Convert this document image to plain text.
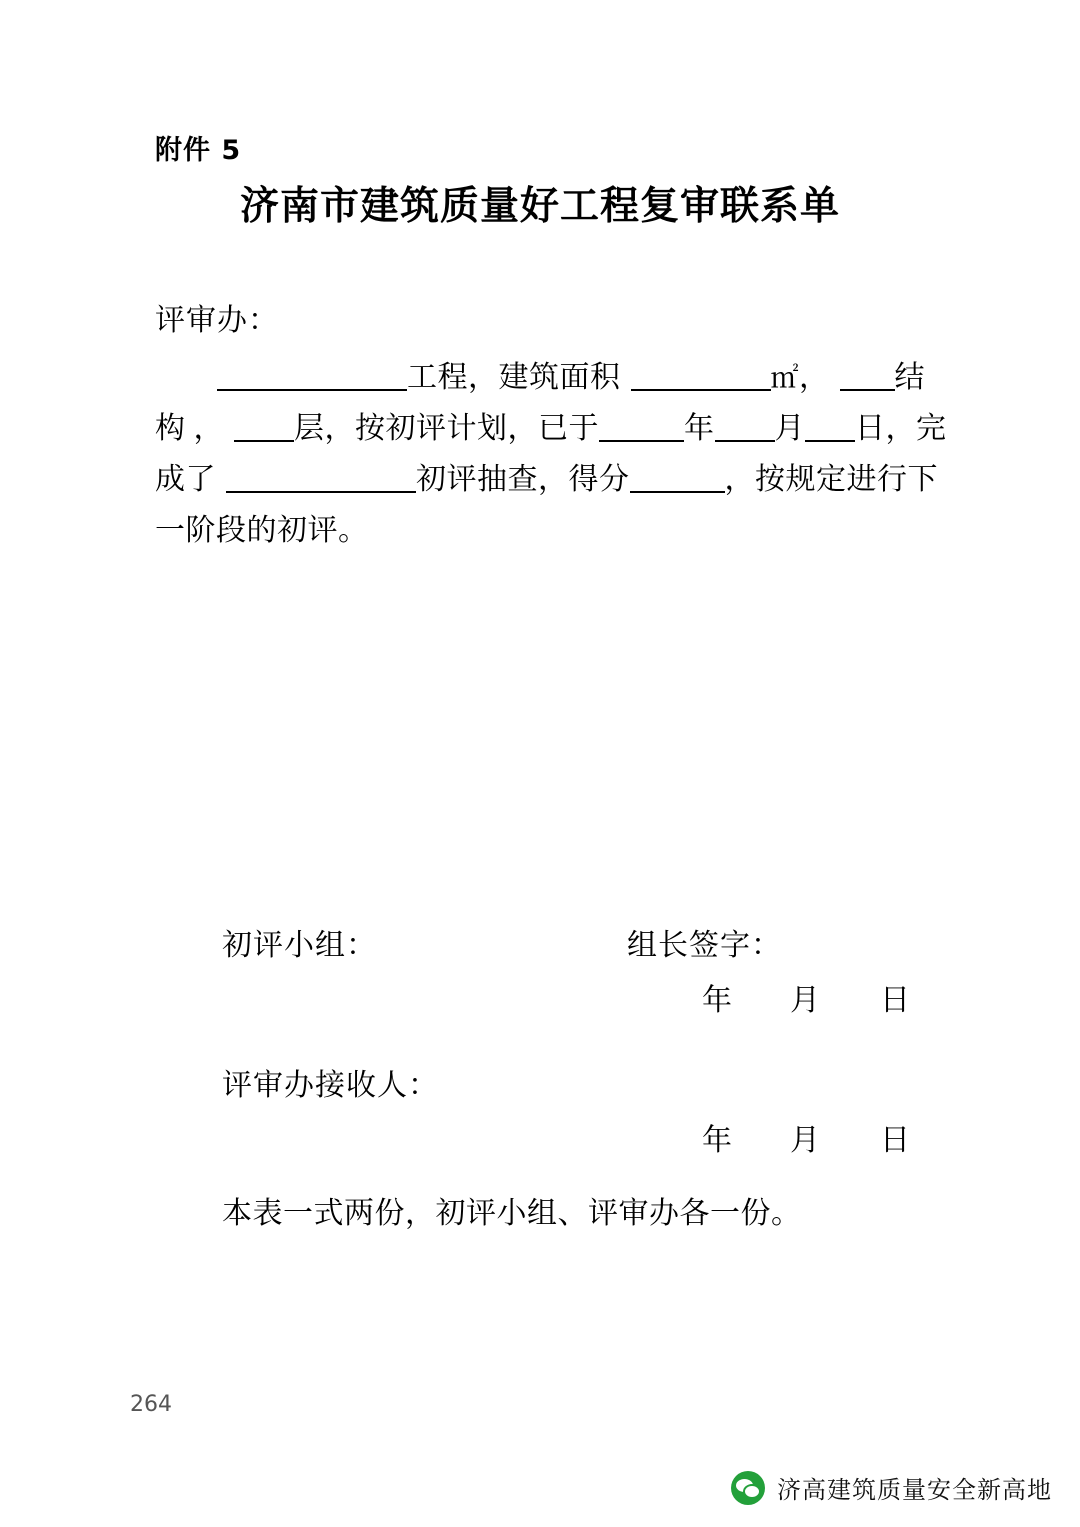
附件 5
济南市建筑质量好工程复审联系单
评审办：
工程，建筑面积	㎡， 结
构 ， 层，按初评计划，已于	年 月 日，完
成了	初评抽查，得分	，按规定进行下
一阶段的初评。
初评小组：	组长签字：
年 月 日
评审办接收人：
年 月 日
本表一式两份，初评小组、评审办各一份。
264
济高建筑质量安全新高地
